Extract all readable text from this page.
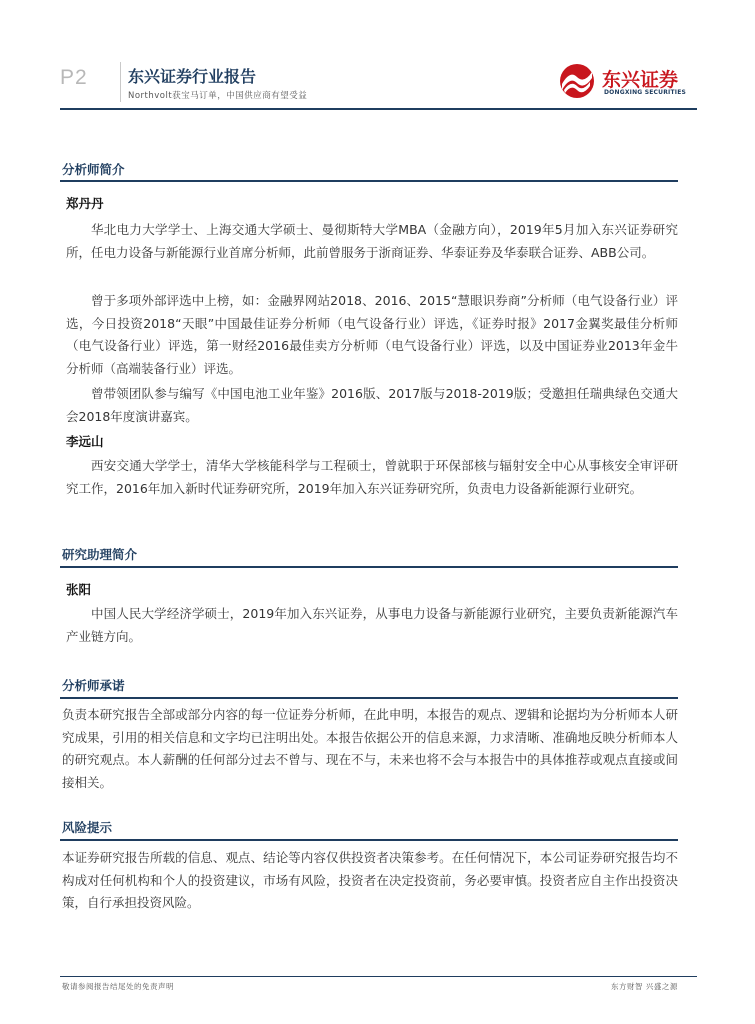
P2	东兴证券行业报告
Northvolt获宝马订单，中国供应商有望受益
东兴证券
DONGXING SECURITIES
分析师简介
郑丹丹

华北电力大学学士、上海交通大学硕士、曼彻斯特大学MBA（金融方向），2019年5月加入东兴证券研究所，任电力设备与新能源行业首席分析师，此前曾服务于浙商证券、华泰证券及华泰联合证券、ABB公司。

曾于多项外部评选中上榜，如：金融界网站2018、2016、2015“慧眼识券商”分析师（电气设备行业）评选，今日投资2018“天眼”中国最佳证券分析师（电气设备行业）评选，《证券时报》2017金翼奖最佳分析师（电气设备行业）评选，第一财经2016最佳卖方分析师（电气设备行业）评选，以及中国证券业2013年金牛分析师（高端装备行业）评选。

曾带领团队参与编写《中国电池工业年鉴》2016版、2017版与2018-2019版；受邀担任瑞典绿色交通大会2018年度演讲嘉宾。

李远山

西安交通大学学士，清华大学核能科学与工程硕士，曾就职于环保部核与辐射安全中心从事核安全审评研究工作，2016年加入新时代证券研究所，2019年加入东兴证券研究所，负责电力设备新能源行业研究。

研究助理简介
张阳

中国人民大学经济学硕士，2019年加入东兴证券，从事电力设备与新能源行业研究，主要负责新能源汽车产业链方向。

分析师承诺

负责本研究报告全部或部分内容的每一位证券分析师，在此申明，本报告的观点、逻辑和论据均为分析师本人研究成果，引用的相关信息和文字均已注明出处。本报告依据公开的信息来源，力求清晰、准确地反映分析师本人的研究观点。本人薪酬的任何部分过去不曾与、现在不与，未来也将不会与本报告中的具体推荐或观点直接或间接相关。

风险提示

本证券研究报告所载的信息、观点、结论等内容仅供投资者决策参考。在任何情况下，本公司证券研究报告均不构成对任何机构和个人的投资建议，市场有风险，投资者在决定投资前，务必要审慎。投资者应自主作出投资决策，自行承担投资风险。

敬请参阅报告结尾处的免责声明	东方财智 兴盛之源
